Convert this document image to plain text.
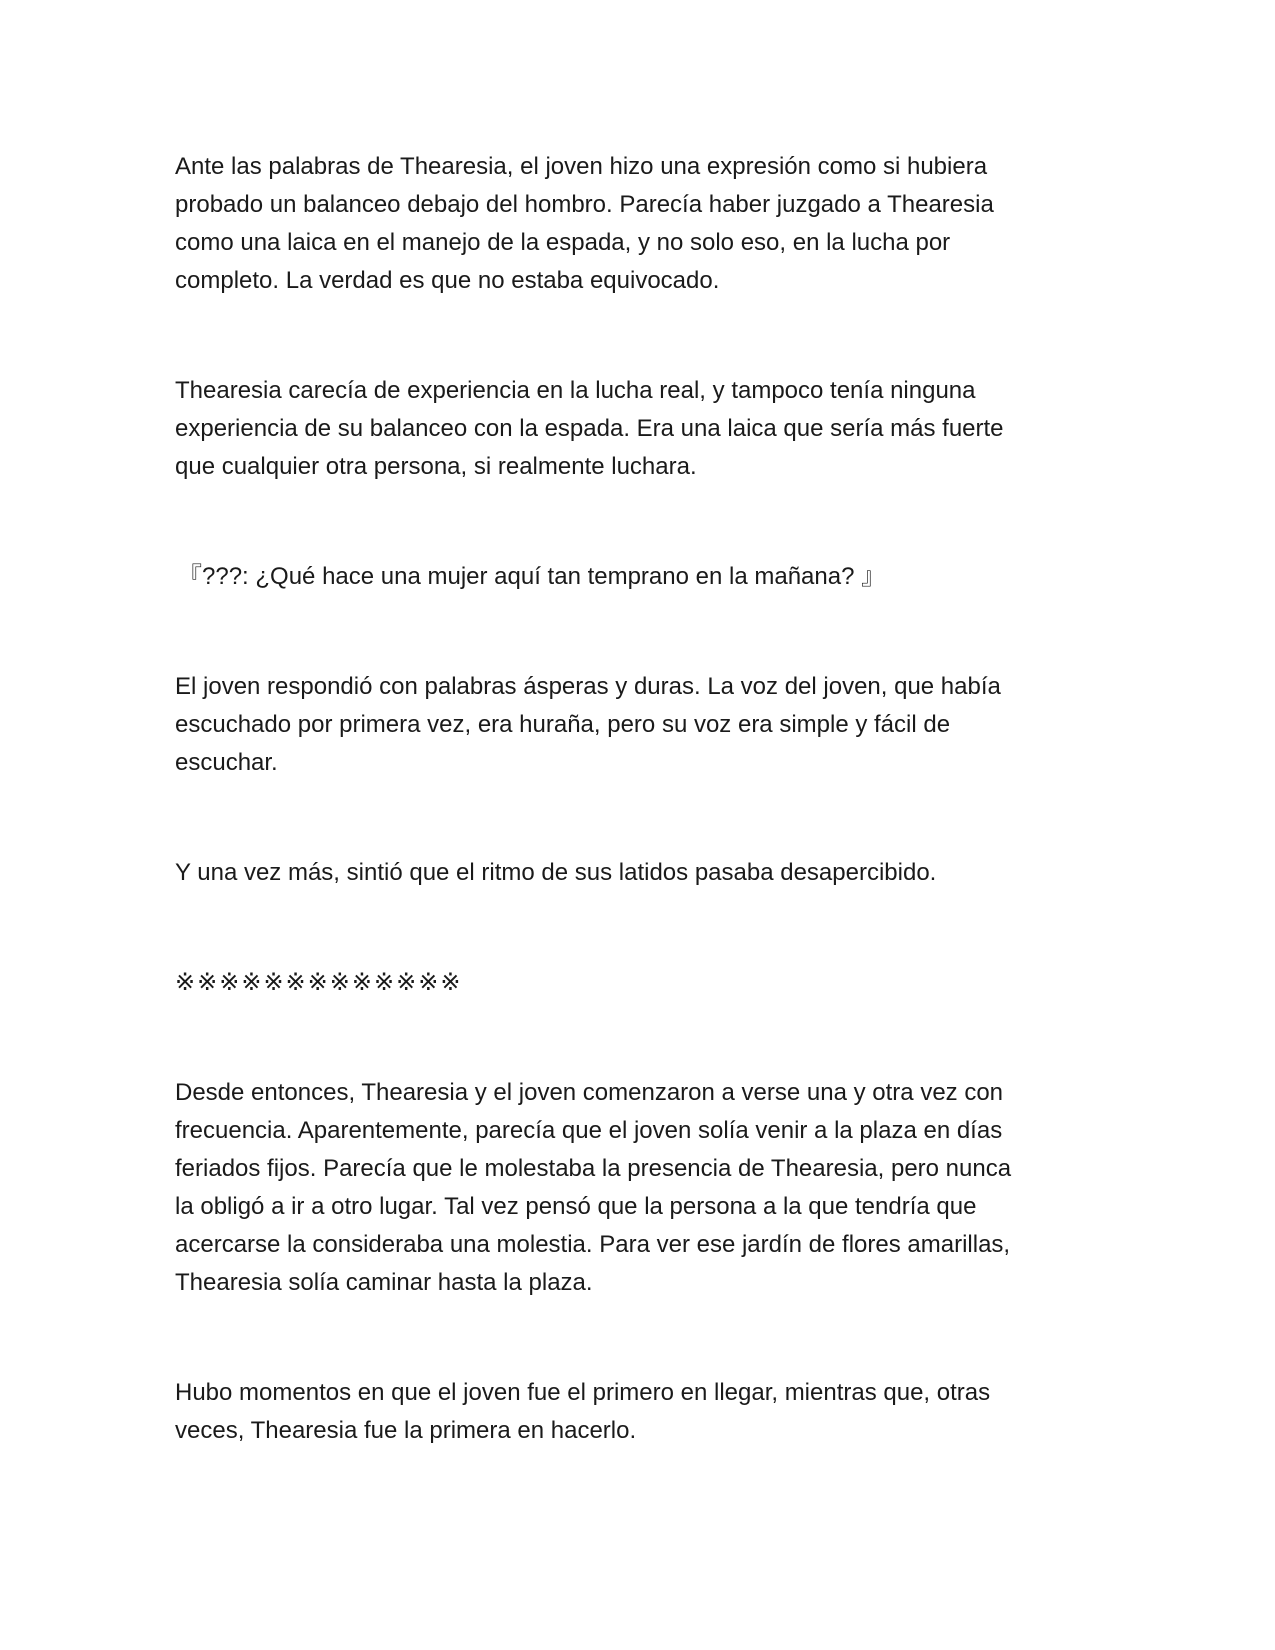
Ante las palabras de Thearesia, el joven hizo una expresión como si hubiera
probado un balanceo debajo del hombro. Parecía haber juzgado a Thearesia
como una laica en el manejo de la espada, y no solo eso, en la lucha por
completo. La verdad es que no estaba equivocado.

Thearesia carecía de experiencia en la lucha real, y tampoco tenía ninguna
experiencia de su balanceo con la espada. Era una laica que sería más fuerte
que cualquier otra persona, si realmente luchara.

『???: ¿Qué hace una mujer aquí tan temprano en la mañana? 』

El joven respondió con palabras ásperas y duras. La voz del joven, que había
escuchado por primera vez, era huraña, pero su voz era simple y fácil de
escuchar.

Y una vez más, sintió que el ritmo de sus latidos pasaba desapercibido.

※※※※※※※※※※※※※

Desde entonces, Thearesia y el joven comenzaron a verse una y otra vez con
frecuencia. Aparentemente, parecía que el joven solía venir a la plaza en días
feriados fijos. Parecía que le molestaba la presencia de Thearesia, pero nunca
la obligó a ir a otro lugar. Tal vez pensó que la persona a la que tendría que
acercarse la consideraba una molestia. Para ver ese jardín de flores amarillas,
Thearesia solía caminar hasta la plaza.

Hubo momentos en que el joven fue el primero en llegar, mientras que, otras
veces, Thearesia fue la primera en hacerlo.
